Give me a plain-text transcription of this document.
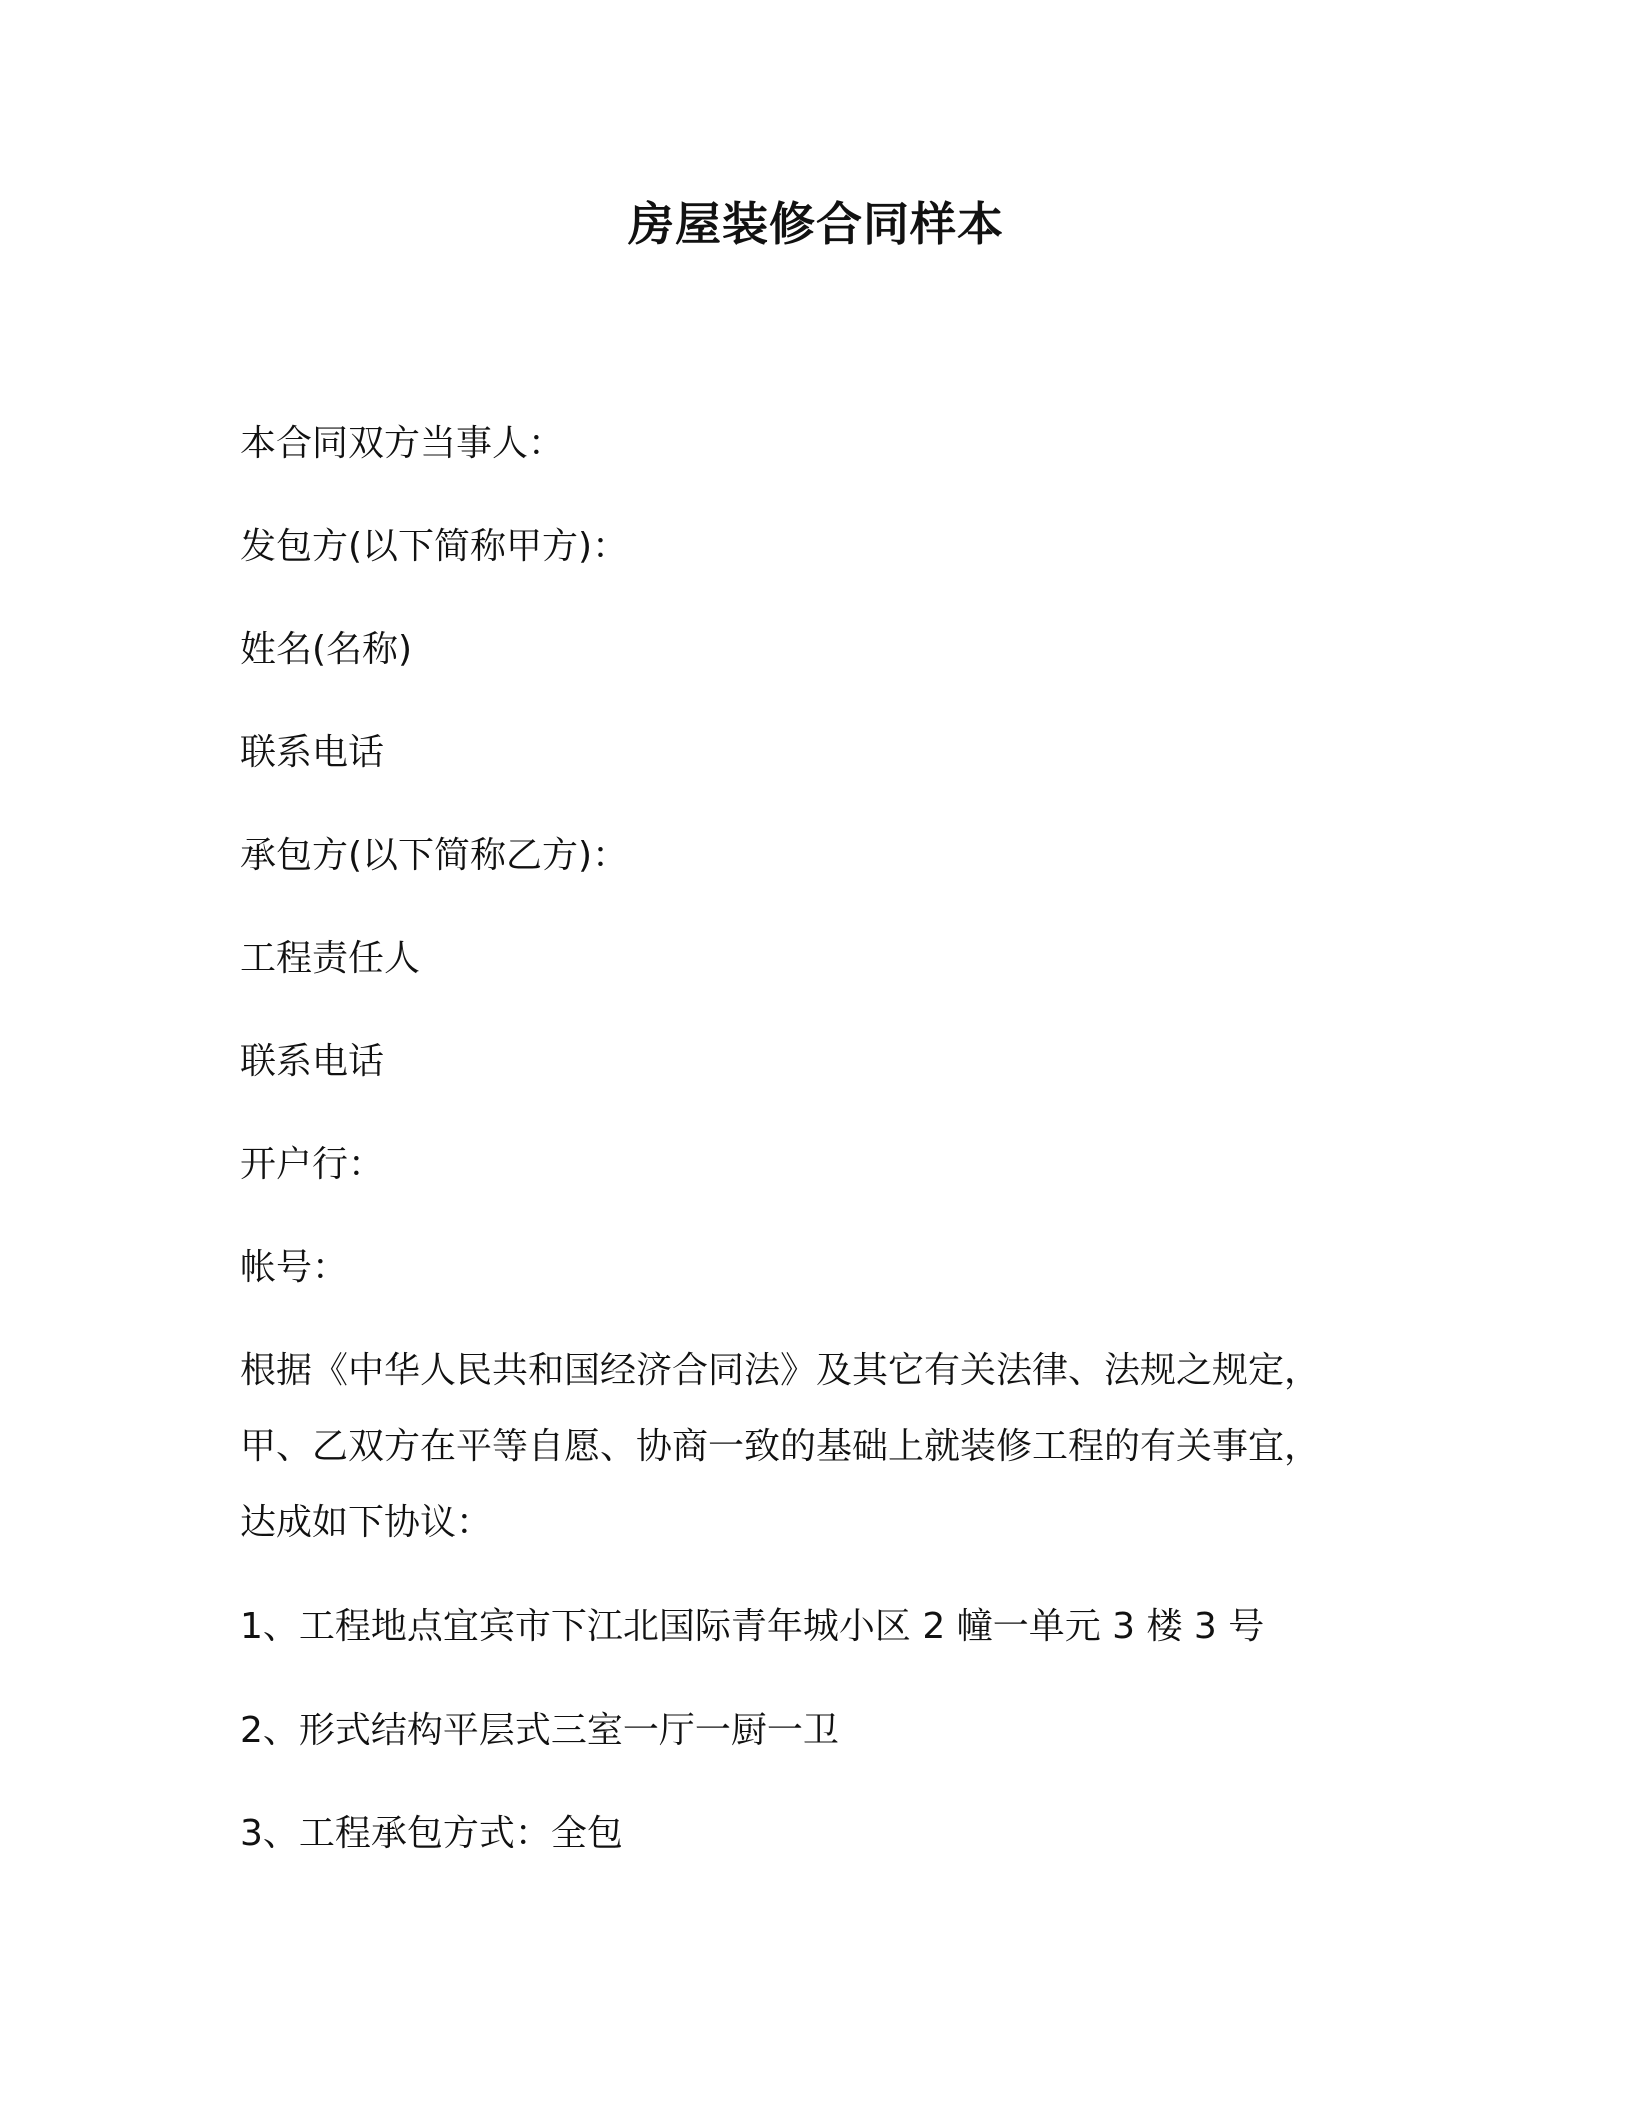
房屋装修合同样本
本合同双方当事人：
发包方(以下简称甲方)：
姓名(名称)
联系电话
承包方(以下简称乙方)：
工程责任人
联系电话
开户行：
帐号：
根据《中华人民共和国经济合同法》及其它有关法律、法规之规定，
甲、乙双方在平等自愿、协商一致的基础上就装修工程的有关事宜，
达成如下协议：
1、工程地点宜宾市下江北国际青年城小区 2 幢一单元 3 楼 3 号
2、形式结构平层式三室一厅一厨一卫
3、工程承包方式：全包
